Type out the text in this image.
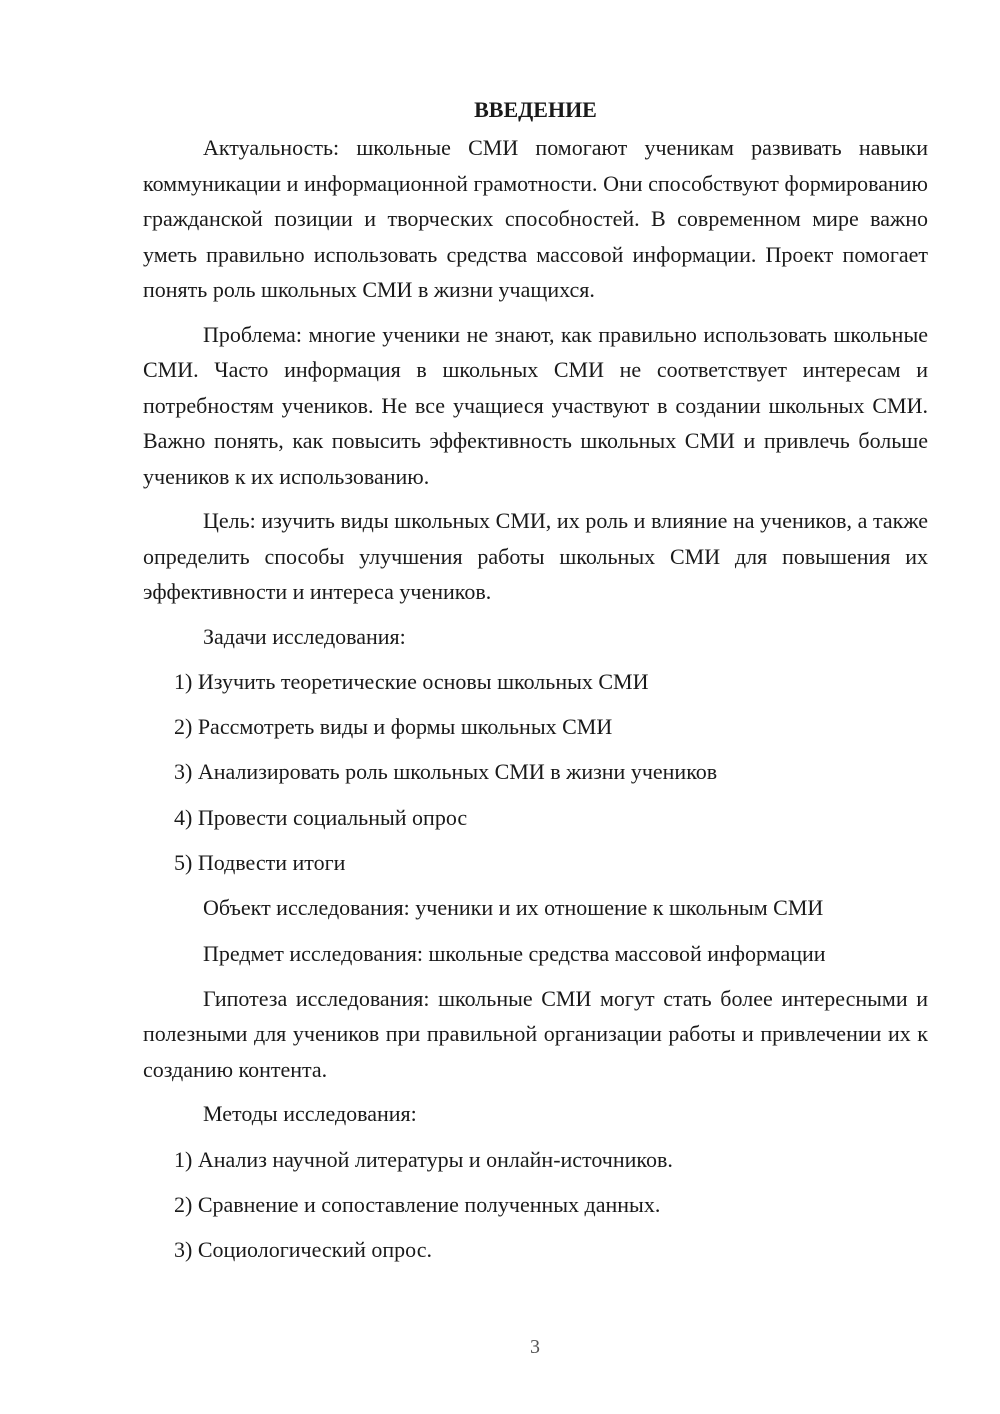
ВВЕДЕНИЕ

Актуальность: школьные СМИ помогают ученикам развивать навыки коммуникации и информационной грамотности. Они способствуют формированию гражданской позиции и творческих способностей. В современном мире важно уметь правильно использовать средства массовой информации. Проект помогает понять роль школьных СМИ в жизни учащихся.

Проблема: многие ученики не знают, как правильно использовать школьные СМИ. Часто информация в школьных СМИ не соответствует интересам и потребностям учеников. Не все учащиеся участвуют в создании школьных СМИ. Важно понять, как повысить эффективность школьных СМИ и привлечь больше учеников к их использованию.

Цель: изучить виды школьных СМИ, их роль и влияние на учеников, а также определить способы улучшения работы школьных СМИ для повышения их эффективности и интереса учеников.

Задачи исследования:
1) Изучить теоретические основы школьных СМИ
2) Рассмотреть виды и формы школьных СМИ
3) Анализировать роль школьных СМИ в жизни учеников
4) Провести социальный опрос
5) Подвести итоги
Объект исследования: ученики и их отношение к школьным СМИ
Предмет исследования: школьные средства массовой информации

Гипотеза исследования: школьные СМИ могут стать более интересными и полезными для учеников при правильной организации работы и привлечении их к созданию контента.

Методы исследования:
1) Анализ научной литературы и онлайн-источников.
2) Сравнение и сопоставление полученных данных.
3) Социологический опрос.
3
